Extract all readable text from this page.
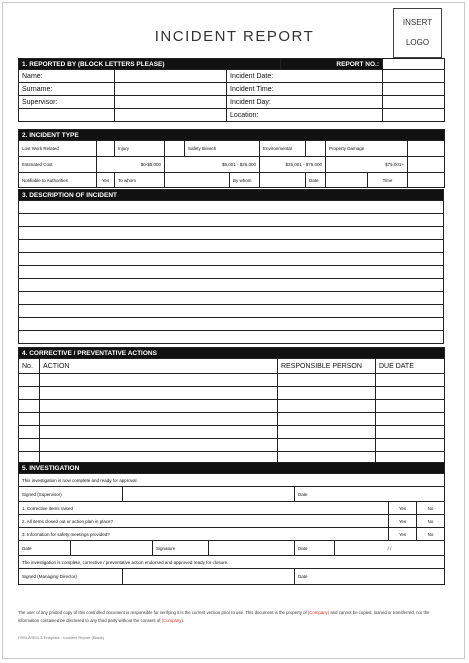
INCIDENT REPORT
INSERT
LOGO
1. REPORTED BY (BLOCK LETTERS PLEASE)			REPORT NO.:	
Name:		Incident Date:		
Surname:		Incident Time:		
Supervisor:		Incident Day:		
		Location:		
2. INCIDENT TYPE										
Lost Work Related		Injury		Safety Breach		Environmental		Property Damage		
Estimated Cost	$0-$5,000		$5,001 - $25,000			$25,001 - $75,000		$75,001+		
Notifiable to Authorities	Yes	To whom			By whom		Date		Time	
3. DESCRIPTION OF INCIDENT

4. CORRECTIVE / PREVENTATIVE ACTIONS			
No.	ACTION	RESPONSIBLE PERSON	DUE DATE

5. INVESTIGATION								
This investigation is now complete and ready for approval.								
Signed (Supervisor)					Date			
1. Corrective items raised							Yes	No
2. All items closed out or action plan in place?							Yes	No
3. Information for safety meetings provided?							Yes	No
Date			Signature		Date	/ /		
The investigation is complete, corrective / preventative action endorsed and approved ready for closure.								
Signed (Managing Director)					Date			
The user of any printed copy of this controlled document is responsible for verifying it is the current version prior to use. This document is the property of (Company) and cannot be copied, loaned or transferred, nor the information contained be disclosed to any third party without the consent of (Company).
FRM-A/IR/1.3 Template - Incident Report (Blank)
